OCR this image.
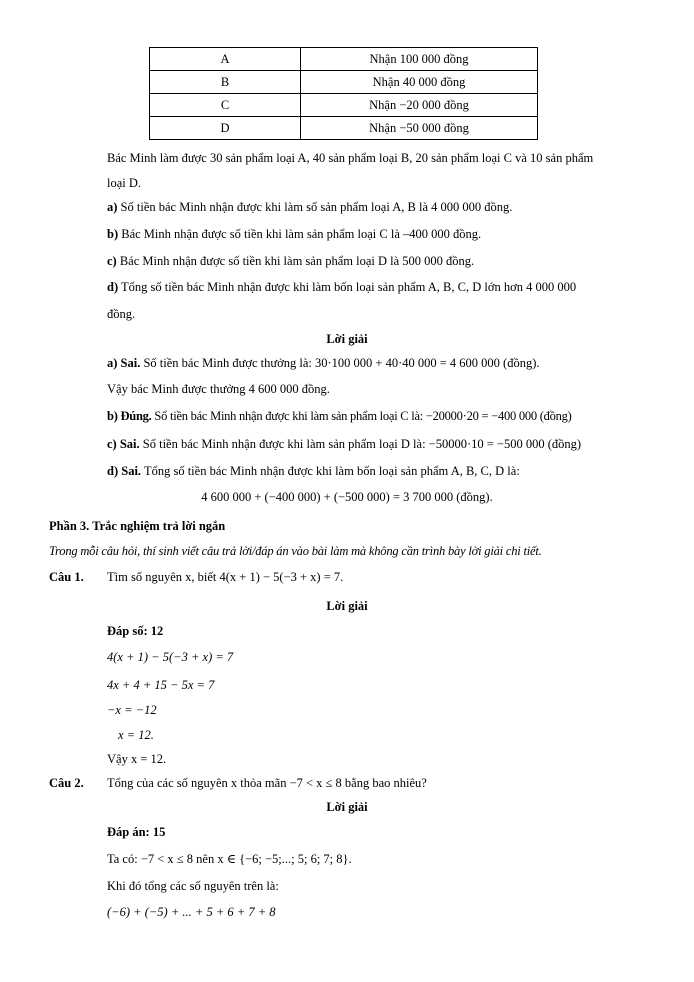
A	Nhận 100 000 đồng
B	Nhận 40 000 đồng
C	Nhận −20 000 đồng
D	Nhận −50 000 đồng
Bác Minh làm được 30 sản phẩm loại A, 40 sản phẩm loại B, 20 sản phẩm loại C và 10 sản phẩm
loại D.
a) Số tiền bác Minh nhận được khi làm số sản phẩm loại A, B là 4 000 000 đồng.
b) Bác Minh nhận được số tiền khi làm sản phẩm loại C là –400 000 đồng.
c) Bác Minh nhận được số tiền khi làm sản phẩm loại D là 500 000 đồng.
d) Tổng số tiền bác Minh nhận được khi làm bốn loại sản phẩm A, B, C, D lớn hơn 4 000 000
đồng.
Lời giải
a) Sai. Số tiền bác Minh được thưởng là: 30·100 000 + 40·40 000 = 4 600 000 (đồng).
Vậy bác Minh được thưởng 4 600 000 đồng.
b) Đúng. Số tiền bác Minh nhận được khi làm sản phẩm loại C là: −20000·20 = −400 000 (đồng)
c) Sai. Số tiền bác Minh nhận được khi làm sản phẩm loại D là: −50000·10 = −500 000 (đồng)
d) Sai. Tổng số tiền bác Minh nhận được khi làm bốn loại sản phẩm A, B, C, D là:
4 600 000 + (−400 000) + (−500 000) = 3 700 000 (đồng).
Phần 3. Trắc nghiệm trả lời ngắn
Trong mỗi câu hỏi, thí sinh viết câu trả lời/đáp án vào bài làm mà không cần trình bày lời giải chi tiết.
Câu 1. Tìm số nguyên x, biết 4(x + 1) − 5(−3 + x) = 7.
Lời giải
Đáp số: 12
4(x + 1) − 5(−3 + x) = 7
4x + 4 + 15 − 5x = 7
−x = −12
x = 12.
Vậy x = 12.
Câu 2. Tổng của các số nguyên x thỏa mãn −7 < x ≤ 8 bằng bao nhiêu?
Lời giải
Đáp án: 15
Ta có: −7 < x ≤ 8 nên x ∈ {−6; −5;...; 5; 6; 7; 8}.
Khi đó tổng các số nguyên trên là:
(−6) + (−5) + ... + 5 + 6 + 7 + 8
